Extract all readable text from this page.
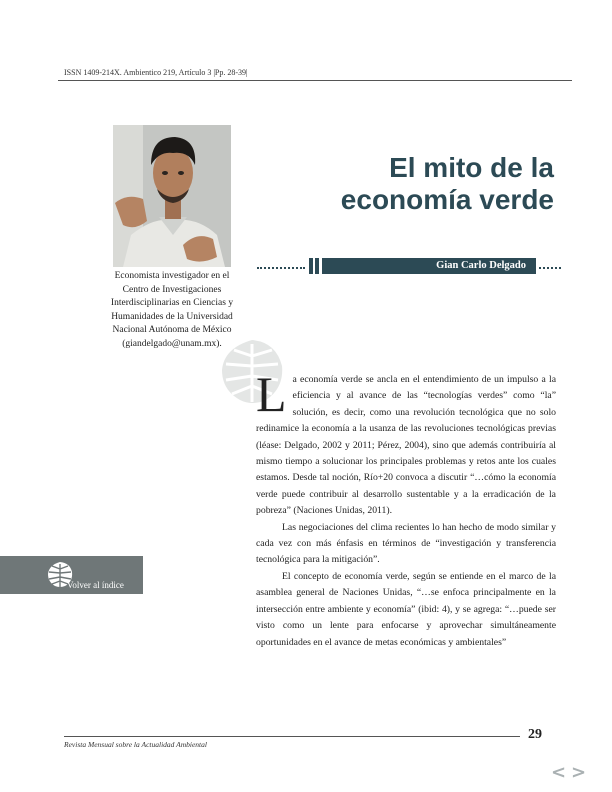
ISSN 1409-214X. Ambientico 219, Artículo 3 |Pp. 28-39|
Economista investigador en el Centro de Investigaciones Interdisciplinarias en Ciencias y Humanidades de la Universidad Nacional Autónoma de México (giandelgado@unam.mx).
El mito de la
economía verde
Gian Carlo Delgado

La economía verde se ancla en el entendimiento de un impulso a la eficiencia y al avance de las “tecnologías verdes” como “la” solución, es decir, como una revolución tecnológica que no solo redinamice la economía a la usanza de las revoluciones tecnológicas previas (léase: Delgado, 2002 y 2011; Pérez, 2004), sino que además contribuiría al mismo tiempo a solucionar los principales problemas y retos ante los cuales estamos. Desde tal noción, Río+20 convoca a discutir “…cómo la economía verde puede contribuir al desarrollo sustentable y a la erradicación de la pobreza” (Naciones Unidas, 2011).

Las negociaciones del clima recientes lo han hecho de modo similar y cada vez con más énfasis en términos de “investigación y transferencia tecnológica para la mitigación”.

El concepto de economía verde, según se entiende en el marco de la asamblea general de Naciones Unidas, “…se enfoca principalmente en la intersección entre ambiente y economía” (ibid: 4), y se agrega: “…puede ser visto como un lente para enfocarse y aprovechar simultáneamente oportunidades en el avance de metas económicas y ambientales”

Volver al índice
29
Revista Mensual sobre la Actualidad Ambiental
< >
